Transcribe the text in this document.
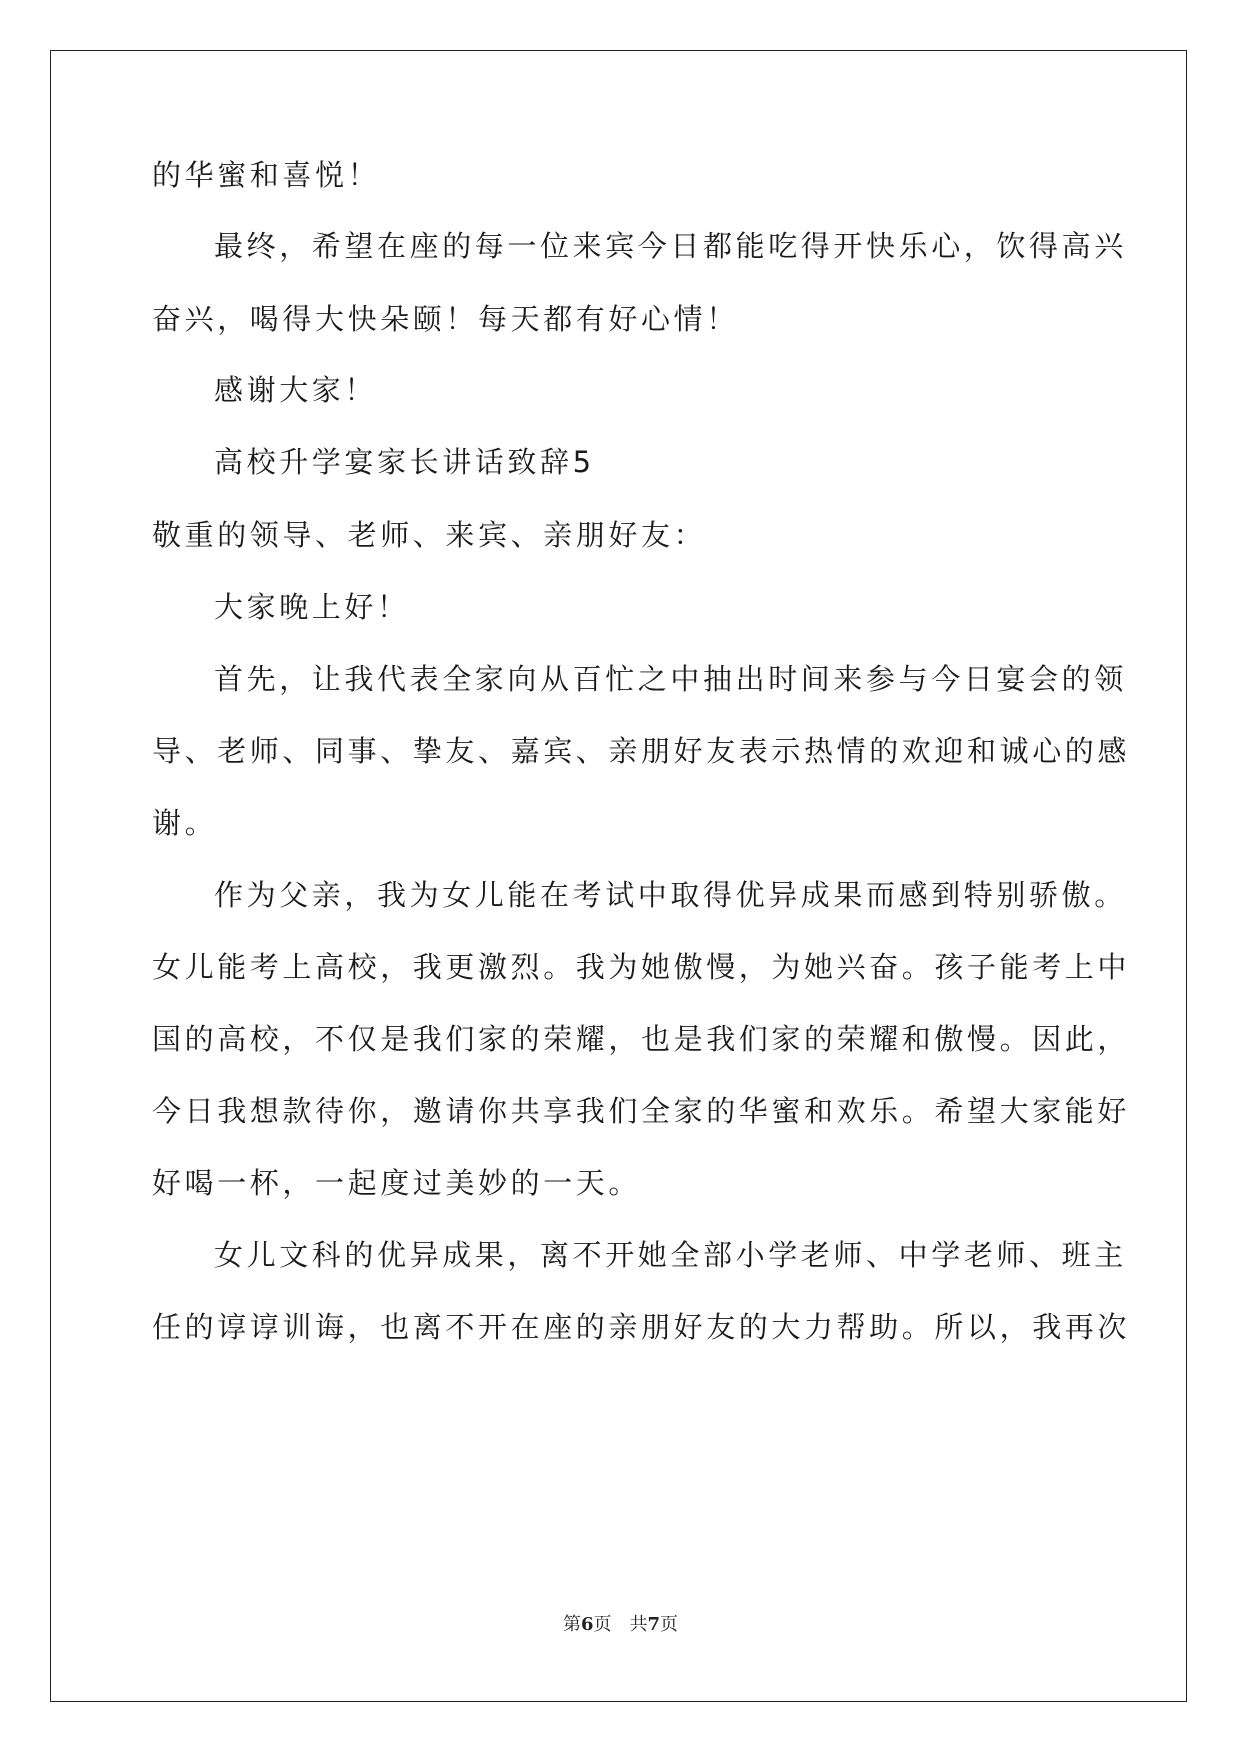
的华蜜和喜悦！
最终，希望在座的每一位来宾今日都能吃得开快乐心，饮得高兴
奋兴，喝得大快朵颐！每天都有好心情！
感谢大家！
高校升学宴家长讲话致辞5
敬重的领导、老师、来宾、亲朋好友：
大家晚上好！
首先，让我代表全家向从百忙之中抽出时间来参与今日宴会的领
导、老师、同事、挚友、嘉宾、亲朋好友表示热情的欢迎和诚心的感
谢。
作为父亲，我为女儿能在考试中取得优异成果而感到特别骄傲。
女儿能考上高校，我更激烈。我为她傲慢，为她兴奋。孩子能考上中
国的高校，不仅是我们家的荣耀，也是我们家的荣耀和傲慢。因此，
今日我想款待你，邀请你共享我们全家的华蜜和欢乐。希望大家能好
好喝一杯，一起度过美妙的一天。
女儿文科的优异成果，离不开她全部小学老师、中学老师、班主
任的谆谆训诲，也离不开在座的亲朋好友的大力帮助。所以，我再次
第6页 共7页
